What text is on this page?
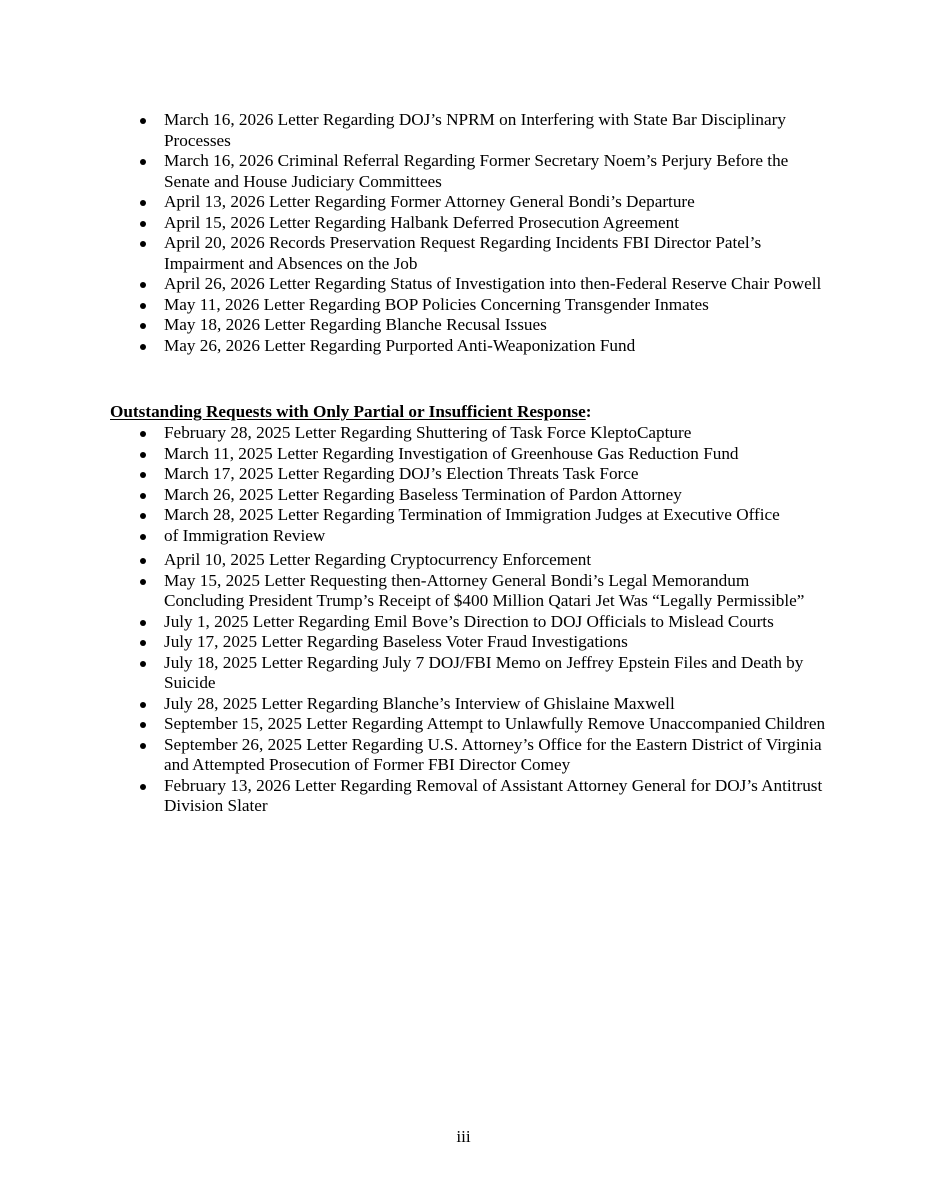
March 16, 2026 Letter Regarding DOJ’s NPRM on Interfering with State Bar Disciplinary Processes
March 16, 2026 Criminal Referral Regarding Former Secretary Noem’s Perjury Before the Senate and House Judiciary Committees
April 13, 2026 Letter Regarding Former Attorney General Bondi’s Departure
April 15, 2026 Letter Regarding Halbank Deferred Prosecution Agreement
April 20, 2026 Records Preservation Request Regarding Incidents FBI Director Patel’s Impairment and Absences on the Job
April 26, 2026 Letter Regarding Status of Investigation into then-Federal Reserve Chair Powell
May 11, 2026 Letter Regarding BOP Policies Concerning Transgender Inmates
May 18, 2026 Letter Regarding Blanche Recusal Issues
May 26, 2026 Letter Regarding Purported Anti-Weaponization Fund
Outstanding Requests with Only Partial or Insufficient Response:
February 28, 2025 Letter Regarding Shuttering of Task Force KleptoCapture
March 11, 2025 Letter Regarding Investigation of Greenhouse Gas Reduction Fund
March 17, 2025 Letter Regarding DOJ’s Election Threats Task Force
March 26, 2025 Letter Regarding Baseless Termination of Pardon Attorney
March 28, 2025 Letter Regarding Termination of Immigration Judges at Executive Office
of Immigration Review
April 10, 2025 Letter Regarding Cryptocurrency Enforcement
May 15, 2025 Letter Requesting then-Attorney General Bondi’s Legal Memorandum Concluding President Trump’s Receipt of $400 Million Qatari Jet Was “Legally Permissible”
July 1, 2025 Letter Regarding Emil Bove’s Direction to DOJ Officials to Mislead Courts
July 17, 2025 Letter Regarding Baseless Voter Fraud Investigations
July 18, 2025 Letter Regarding July 7 DOJ/FBI Memo on Jeffrey Epstein Files and Death by Suicide
July 28, 2025 Letter Regarding Blanche’s Interview of Ghislaine Maxwell
September 15, 2025 Letter Regarding Attempt to Unlawfully Remove Unaccompanied Children
September 26, 2025 Letter Regarding U.S. Attorney’s Office for the Eastern District of Virginia and Attempted Prosecution of Former FBI Director Comey
February 13, 2026 Letter Regarding Removal of Assistant Attorney General for DOJ’s Antitrust Division Slater
iii
